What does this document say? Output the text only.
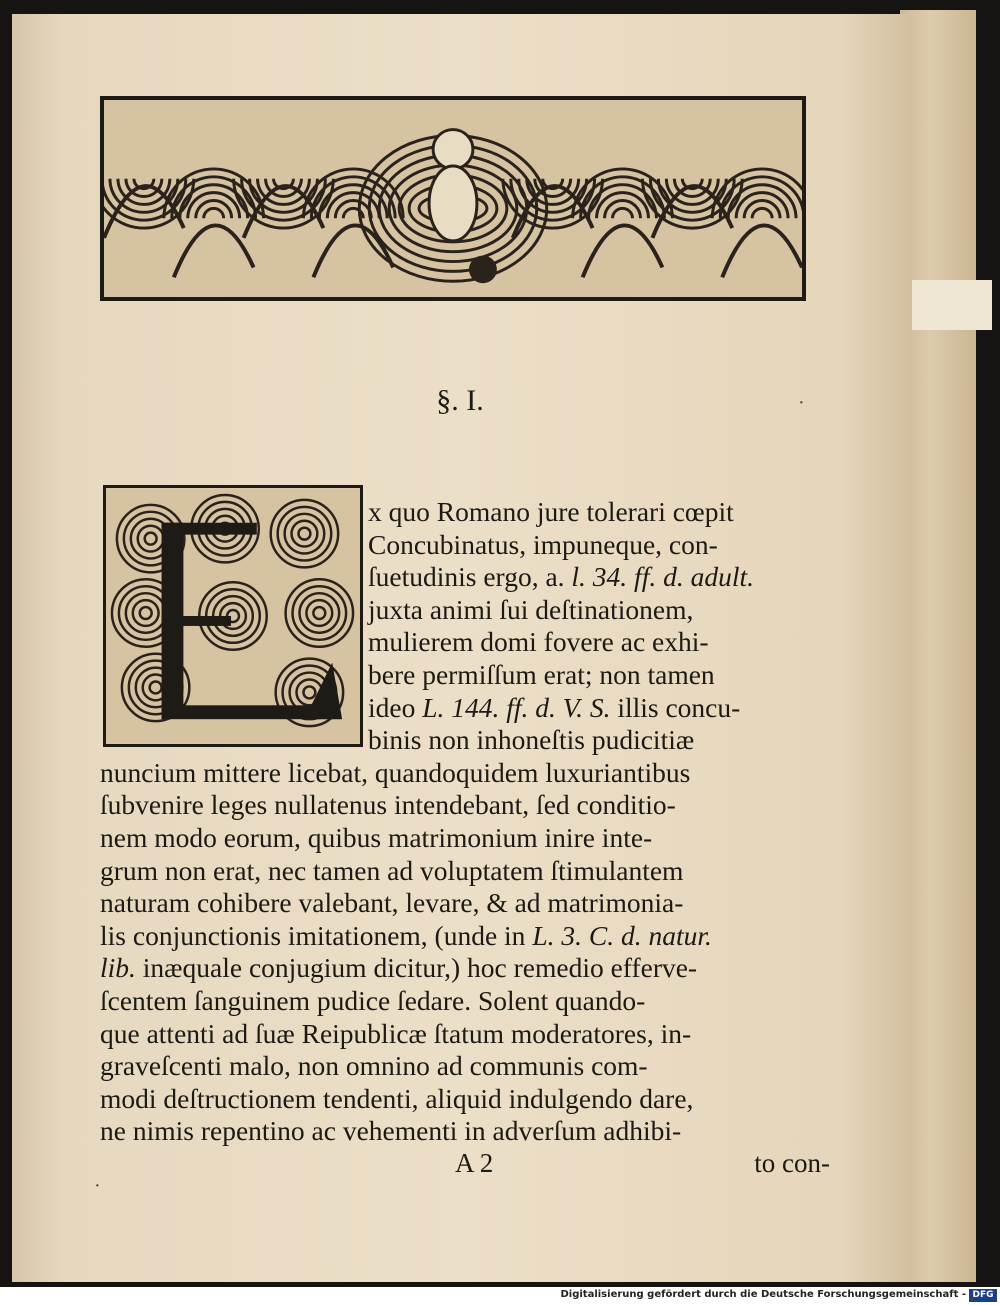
§. I.
x quo Romano jure tolerari cœpit
Concubinatus, impuneque, con-
ſuetudinis ergo, a. l. 34. ff. d. adult.
juxta animi ſui deſtinationem,
mulierem domi fovere ac exhi-
bere permiſſum erat; non tamen
ideo L. 144. ff. d. V. S. illis concu-
binis non inhoneſtis pudicitiæ
nuncium mittere licebat, quandoquidem luxuriantibus
ſubvenire leges nullatenus intendebant, ſed conditio-
nem modo eorum, quibus matrimonium inire inte-
grum non erat, nec tamen ad voluptatem ſtimulantem
naturam cohibere valebant, levare, & ad matrimonia-
lis conjunctionis imitationem, (unde in L. 3. C. d. natur.
lib. inæquale conjugium dicitur,) hoc remedio efferve-
ſcentem ſanguinem pudice ſedare. Solent quando-
que attenti ad ſuæ Reipublicæ ſtatum moderatores, in-
graveſcenti malo, non omnino ad communis com-
modi deſtructionem tendenti, aliquid indulgendo dare,
ne nimis repentino ac vehementi in adverſum adhibi-
A 2	to con-
·
·
Digitalisierung gefördert durch die Deutsche Forschungsgemeinschaft - DFG
